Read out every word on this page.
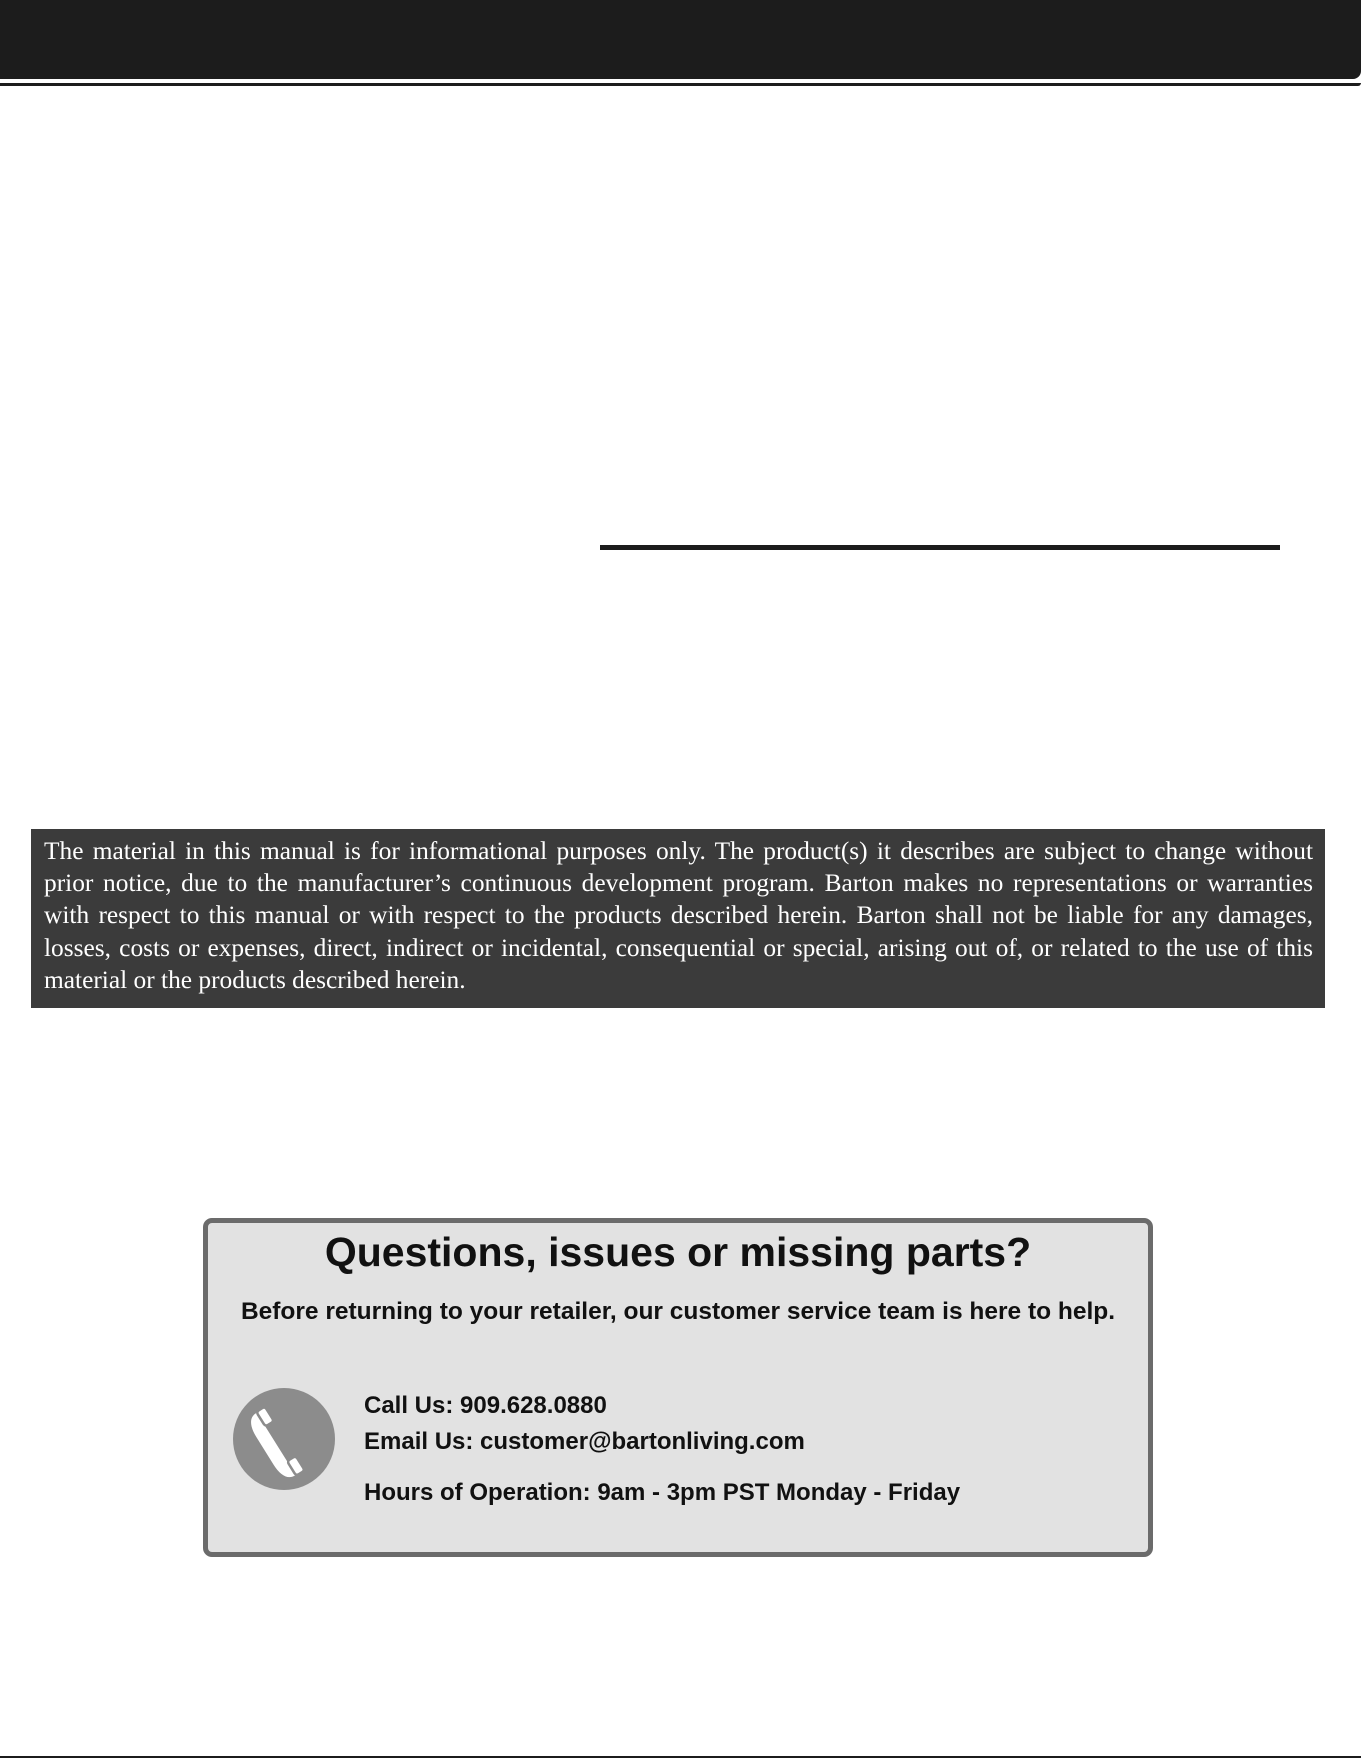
The material in this manual is for informational purposes only. The product(s) it describes are subject to change without prior notice, due to the manufacturer’s continuous development program. Barton makes no representations or warranties with respect to this manual or with respect to the products described herein. Barton shall not be liable for any damages, losses, costs or expenses, direct, indirect or incidental, consequential or special, arising out of, or related to the use of this material or the products described herein.

Questions, issues or missing parts?

Before returning to your retailer, our customer service team is here to help.

Call Us: 909.628.0880
Email Us: customer@bartonliving.com
Hours of Operation: 9am - 3pm PST Monday - Friday
